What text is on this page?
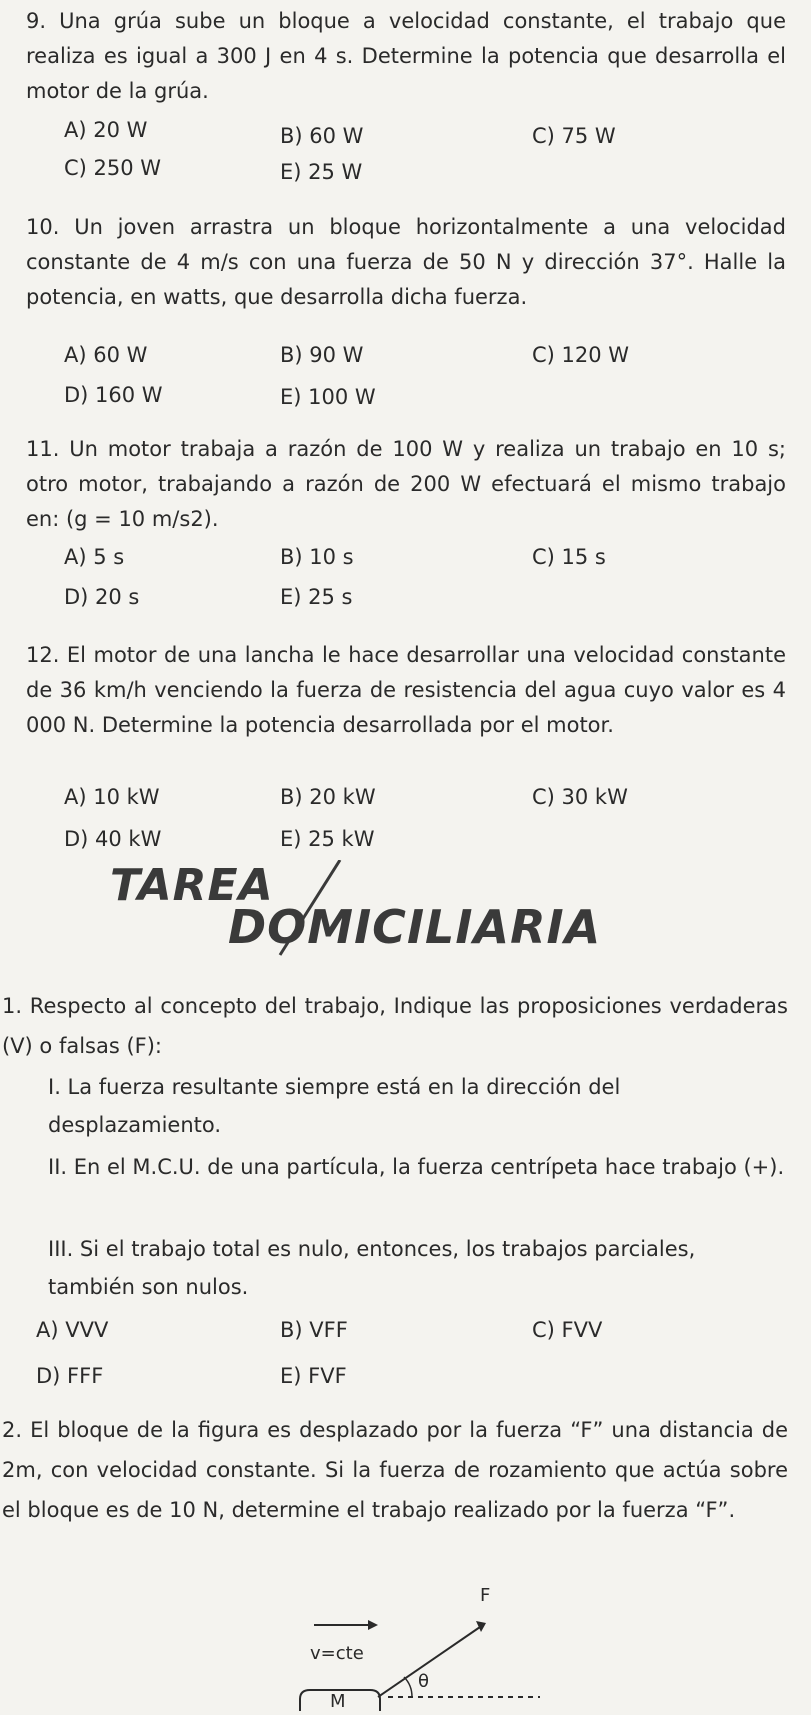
9. Una grúa sube un bloque a velocidad constante, el trabajo que realiza es igual a 300 J en 4 s. Determine la potencia que desarrolla el motor de la grúa.

A) 20 W	B) 60 W	C) 75 W
C) 250 W	E) 25 W

10. Un joven arrastra un bloque horizontalmente a una velocidad constante de 4 m/s con una fuerza de 50 N y dirección 37°. Halle la potencia, en watts, que desarrolla dicha fuerza.

A) 60 W	B) 90 W	C) 120 W
D) 160 W	E) 100 W

11. Un motor trabaja a razón de 100 W y realiza un trabajo en 10 s; otro motor, trabajando a razón de 200 W efectuará el mismo trabajo en: (g = 10 m/s2).

A) 5 s	B) 10 s	C) 15 s
D) 20 s	E) 25 s

12. El motor de una lancha le hace desarrollar una velocidad constante de 36 km/h venciendo la fuerza de resistencia del agua cuyo valor es 4 000 N. Determine la potencia desarrollada por el motor.

A) 10 kW	B) 20 kW	C) 30 kW
D) 40 kW	E) 25 kW
TAREA
DOMICILIARIA

1. Respecto al concepto del trabajo, Indique las proposiciones verdaderas (V) o falsas (F):

I. La fuerza resultante siempre está en la dirección del desplazamiento.

II. En el M.C.U. de una partícula, la fuerza centrípeta hace trabajo (+).

III. Si el trabajo total es nulo, entonces, los trabajos parciales, también son nulos.

A) VVV	B) VFF	C) FVV
D) FFF	E) FVF

2. El bloque de la figura es desplazado por la fuerza “F” una distancia de 2m, con velocidad constante. Si la fuerza de rozamiento que actúa sobre el bloque es de 10 N, determine el trabajo realizado por la fuerza “F”.

F
v=cte
θ
M
